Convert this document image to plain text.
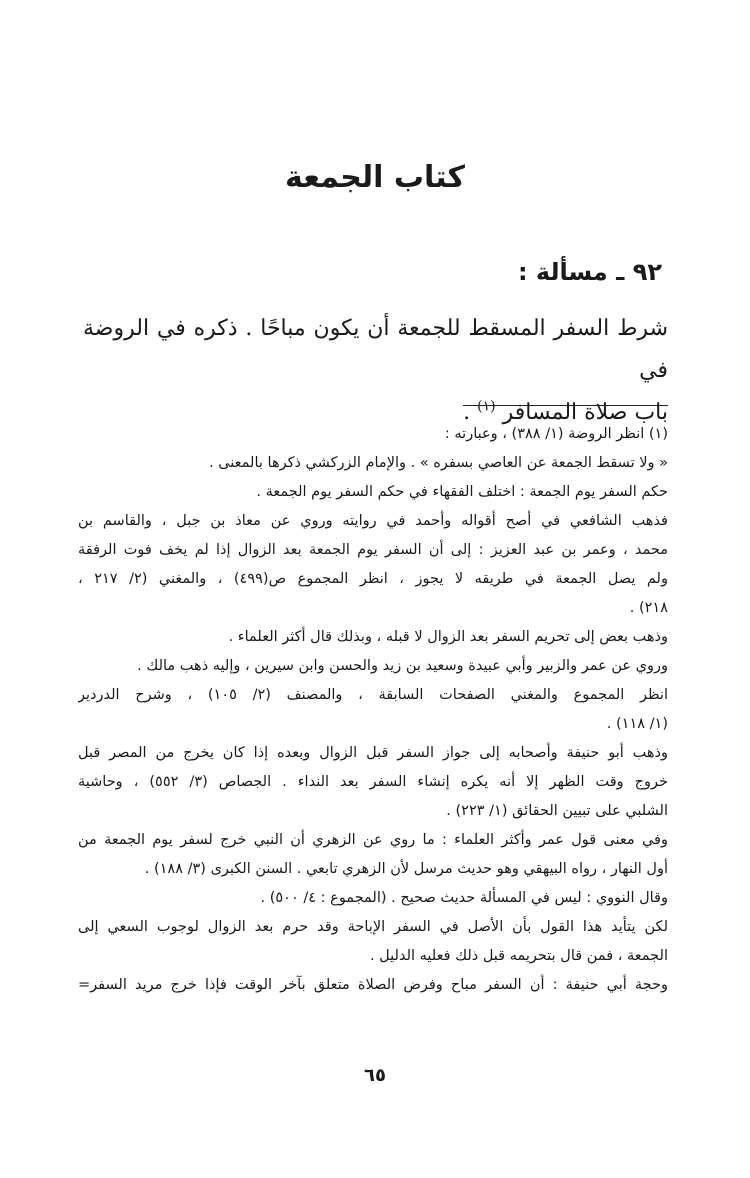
كتاب الجمعة
٩٢ ـ مسألة :

شرط السفر المسقط للجمعة أن يكون مباحًا . ذكره في الروضة في
باب صلاة المسافر $^{(١)}$ .

(١) انظر الروضة (١/ ٣٨٨) ، وعبارته :
« ولا تسقط الجمعة عن العاصي بسفره » . والإمام الزركشي ذكرها بالمعنى .
حكم السفر يوم الجمعة : اختلف الفقهاء في حكم السفر يوم الجمعة .
فذهب الشافعي في أصح أقواله وأحمد في روايته وروي عن معاذ بن جبل ، والقاسم بن
محمد ، وعمر بن عبد العزيز : إلى أن السفر يوم الجمعة بعد الزوال إذا لم يخف فوت الرفقة
ولم يصل الجمعة في طريقه لا يجوز ، انظر المجموع ص(٤٩٩) ، والمغني (٢/ ٢١٧ ،
٢١٨) .
وذهب بعض إلى تحريم السفر بعد الزوال لا قبله ، وبذلك قال أكثر العلماء .
وروي عن عمر والزبير وأبي عبيدة وسعيد بن زيد والحسن وابن سيرين ، وإليه ذهب مالك .
انظر المجموع والمغني الصفحات السابقة ، والمصنف (٢/ ١٠٥) ، وشرح الدردير
(١/ ١١٨) .
وذهب أبو حنيفة وأصحابه إلى جواز السفر قبل الزوال وبعده إذا كان يخرج من المصر قبل
خروج وقت الظهر إلا أنه يكره إنشاء السفر بعد النداء . الجصاص (٣/ ٥٥٢) ، وحاشية
الشلبي على تبيين الحقائق (١/ ٢٢٣) .
وفي معنى قول عمر وأكثر العلماء : ما روي عن الزهري أن النبي خرج لسفر يوم الجمعة من
أول النهار ، رواه البيهقي وهو حديث مرسل لأن الزهري تابعي . السنن الكبرى (٣/ ١٨٨) .
وقال النووي : ليس في المسألة حديث صحيح . (المجموع : ٤/ ٥٠٠) .
لكن يتأيد هذا القول بأن الأصل في السفر الإباحة وقد حرم بعد الزوال لوجوب السعي إلى
الجمعة ، فمن قال بتحريمه قبل ذلك فعليه الدليل .
وحجة أبي حنيفة : أن السفر مباح وفرض الصلاة متعلق بآخر الوقت فإذا خرج مريد السفر=
٦٥
